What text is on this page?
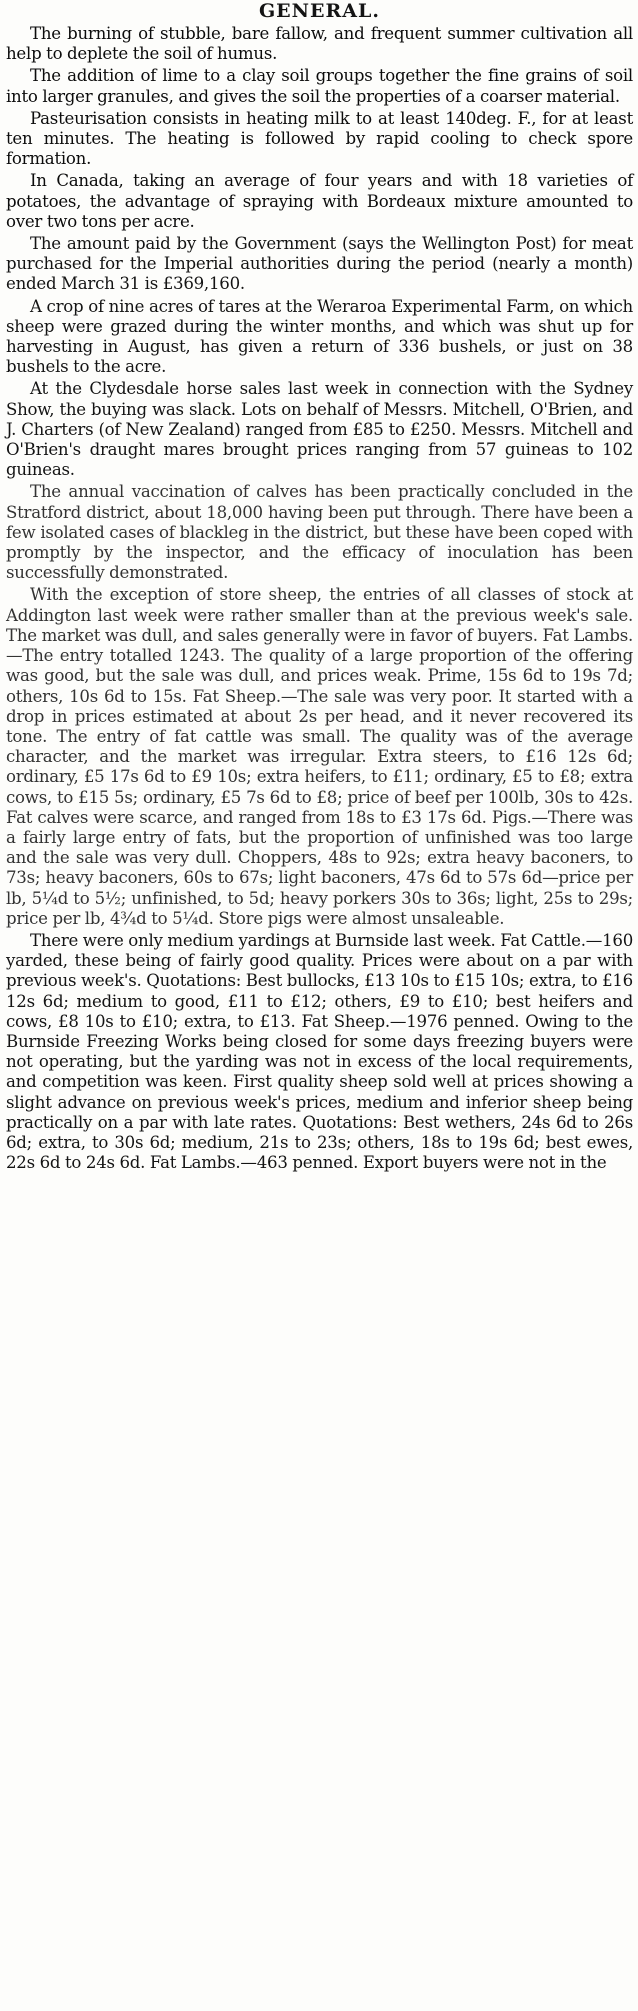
GENERAL.

The burning of stubble, bare fallow, and frequent summer cultivation all help to deplete the soil of humus.

The addition of lime to a clay soil groups together the fine grains of soil into larger granules, and gives the soil the properties of a coarser material.

Pasteurisation consists in heating milk to at least 140deg. F., for at least ten minutes. The heating is followed by rapid cooling to check spore formation.

In Canada, taking an average of four years and with 18 varieties of potatoes, the advantage of spraying with Bordeaux mixture amounted to over two tons per acre.

The amount paid by the Government (says the Wellington Post) for meat purchased for the Imperial authorities during the period (nearly a month) ended March 31 is £369,160.

A crop of nine acres of tares at the Weraroa Experimental Farm, on which sheep were grazed during the winter months, and which was shut up for harvesting in August, has given a return of 336 bushels, or just on 38 bushels to the acre.

At the Clydesdale horse sales last week in connection with the Sydney Show, the buying was slack. Lots on behalf of Messrs. Mitchell, O'Brien, and J. Charters (of New Zealand) ranged from £85 to £250. Messrs. Mitchell and O'Brien's draught mares brought prices ranging from 57 guineas to 102 guineas.

The annual vaccination of calves has been practically concluded in the Stratford district, about 18,000 having been put through. There have been a few isolated cases of blackleg in the district, but these have been coped with promptly by the inspector, and the efficacy of inoculation has been successfully demonstrated.

With the exception of store sheep, the entries of all classes of stock at Addington last week were rather smaller than at the previous week's sale. The market was dull, and sales generally were in favor of buyers. Fat Lambs.—The entry totalled 1243. The quality of a large proportion of the offering was good, but the sale was dull, and prices weak. Prime, 15s 6d to 19s 7d; others, 10s 6d to 15s. Fat Sheep.—The sale was very poor. It started with a drop in prices estimated at about 2s per head, and it never recovered its tone. The entry of fat cattle was small. The quality was of the average character, and the market was irregular. Extra steers, to £16 12s 6d; ordinary, £5 17s 6d to £9 10s; extra heifers, to £11; ordinary, £5 to £8; extra cows, to £15 5s; ordinary, £5 7s 6d to £8; price of beef per 100lb, 30s to 42s. Fat calves were scarce, and ranged from 18s to £3 17s 6d. Pigs.—There was a fairly large entry of fats, but the proportion of unfinished was too large and the sale was very dull. Choppers, 48s to 92s; extra heavy baconers, to 73s; heavy baconers, 60s to 67s; light baconers, 47s 6d to 57s 6d—price per lb, 5¼d to 5½; unfinished, to 5d; heavy porkers 30s to 36s; light, 25s to 29s; price per lb, 4¾d to 5¼d. Store pigs were almost unsaleable.

There were only medium yardings at Burnside last week. Fat Cattle.—160 yarded, these being of fairly good quality. Prices were about on a par with previous week's. Quotations: Best bullocks, £13 10s to £15 10s; extra, to £16 12s 6d; medium to good, £11 to £12; others, £9 to £10; best heifers and cows, £8 10s to £10; extra, to £13. Fat Sheep.—1976 penned. Owing to the Burnside Freezing Works being closed for some days freezing buyers were not operating, but the yarding was not in excess of the local requirements, and competition was keen. First quality sheep sold well at prices showing a slight advance on previous week's prices, medium and inferior sheep being practically on a par with late rates. Quotations: Best wethers, 24s 6d to 26s 6d; extra, to 30s 6d; medium, 21s to 23s; others, 18s to 19s 6d; best ewes, 22s 6d to 24s 6d. Fat Lambs.—463 penned. Export buyers were not in the
